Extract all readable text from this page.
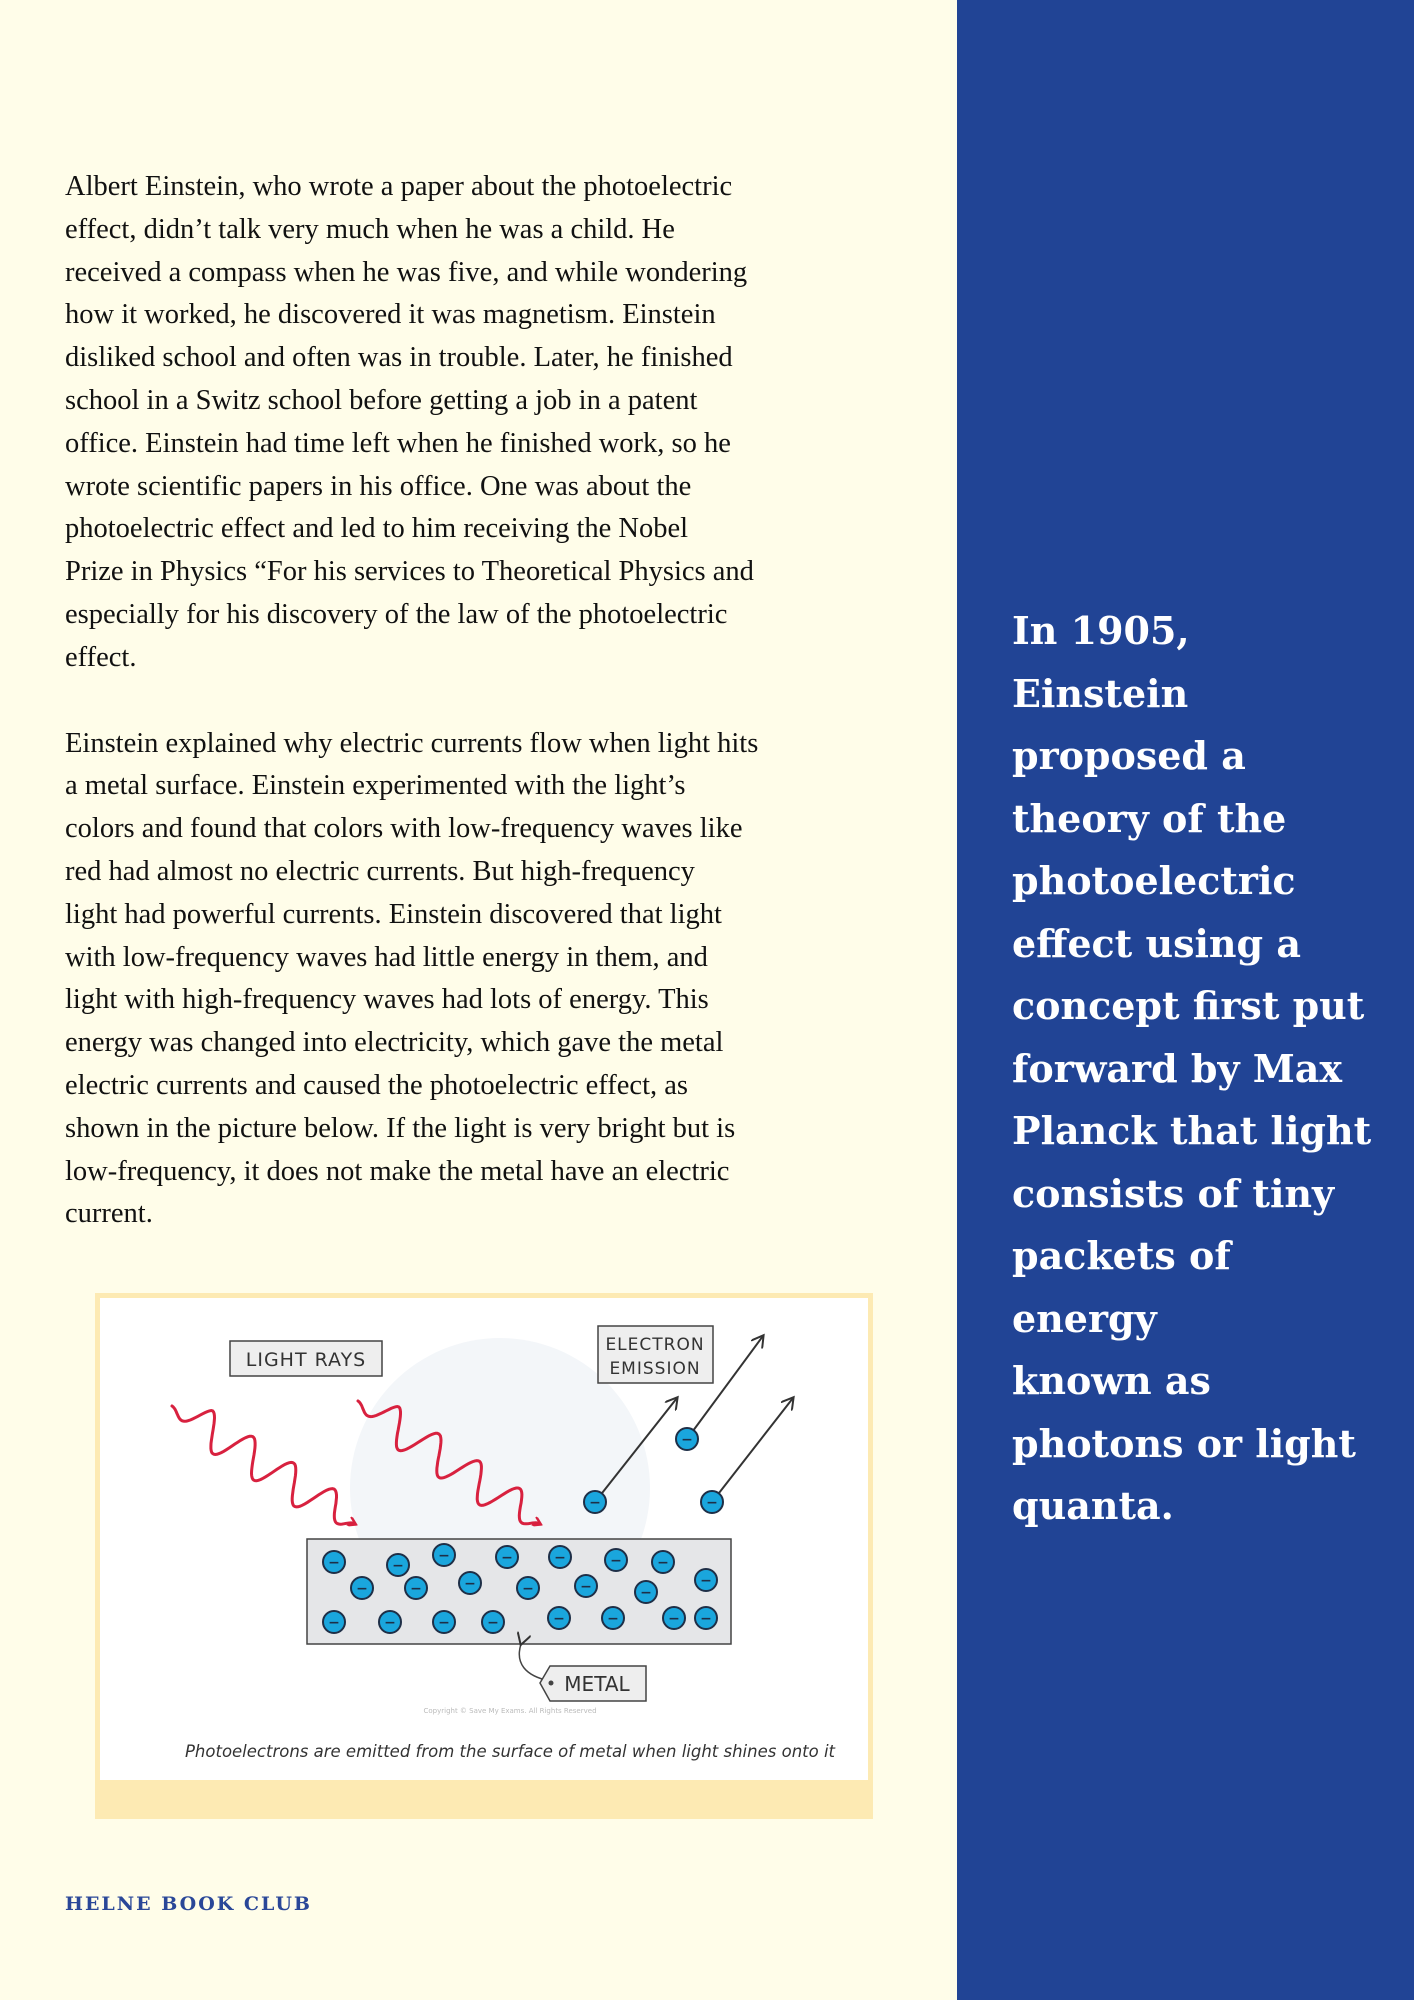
Albert Einstein, who wrote a paper about the photoelectric
effect, didn’t talk very much when he was a child. He
received a compass when he was five, and while wondering
how it worked, he discovered it was magnetism. Einstein
disliked school and often was in trouble. Later, he finished
school in a Switz school before getting a job in a patent
office. Einstein had time left when he finished work, so he
wrote scientific papers in his office. One was about the
photoelectric effect and led to him receiving the Nobel
Prize in Physics “For his services to Theoretical Physics and
especially for his discovery of the law of the photoelectric
effect.

Einstein explained why electric currents flow when light hits
a metal surface. Einstein experimented with the light’s
colors and found that colors with low-frequency waves like
red had almost no electric currents. But high-frequency
light had powerful currents. Einstein discovered that light
with low-frequency waves had little energy in them, and
light with high-frequency waves had lots of energy. This
energy was changed into electricity, which gave the metal
electric currents and caused the photoelectric effect, as
shown in the picture below. If the light is very bright but is
low-frequency, it does not make the metal have an electric
current.

LIGHT RAYS
ELECTRON
EMISSION
−	−
−	−	−	−	−
−	−	−	−	−	−
−
−	−	−	−	−	−	− −
METAL
Copyright © Save My Exams. All Rights Reserved
Photoelectrons are emitted from the surface of metal when light shines onto it
−
−
−
HELNE BOOK CLUB

In 1905, Einstein
proposed a
theory of the
photoelectric
effect using a
concept first put
forward by Max
Planck that light
consists of tiny
packets of energy
known as
photons or light
quanta.
